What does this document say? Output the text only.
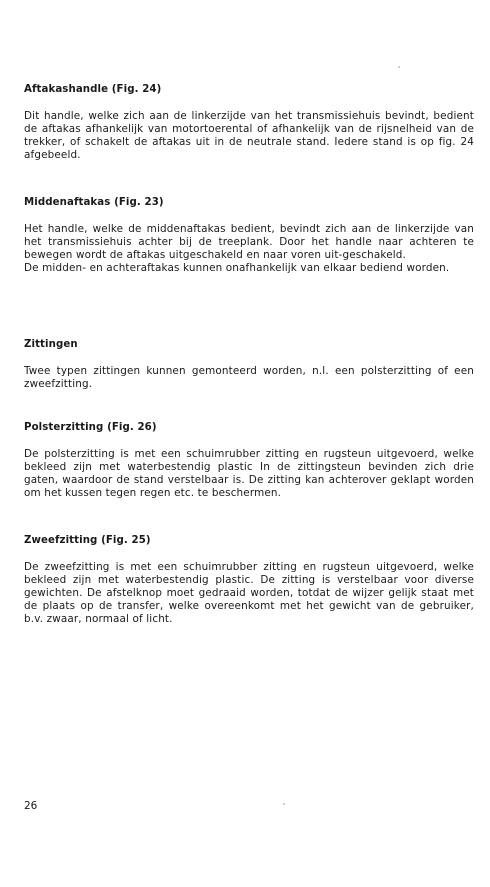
Aftakashandle (Fig. 24)

Dit handle, welke zich aan de linkerzijde van het transmissiehuis bevindt, bedient de aftakas afhankelijk van motortoerental of afhankelijk van de rijsnelheid van de trekker, of schakelt de aftakas uit in de neutrale stand. Iedere stand is op fig. 24 afgebeeld.

Middenaftakas (Fig. 23)

Het handle, welke de middenaftakas bedient, bevindt zich aan de linkerzijde van het transmissiehuis achter bij de treeplank. Door het handle naar achteren te bewegen wordt de aftakas uitgeschakeld en naar voren uit-geschakeld.

De midden- en achteraftakas kunnen onafhankelijk van elkaar bediend worden.

Zittingen

Twee typen zittingen kunnen gemonteerd worden, n.l. een polsterzitting of een zweefzitting.

Polsterzitting (Fig. 26)

De polsterzitting is met een schuimrubber zitting en rugsteun uitgevoerd, welke bekleed zijn met waterbestendig plastic In de zittingsteun bevinden zich drie gaten, waardoor de stand verstelbaar is. De zitting kan achterover geklapt worden om het kussen tegen regen etc. te beschermen.

Zweefzitting (Fig. 25)

De zweefzitting is met een schuimrubber zitting en rugsteun uitgevoerd, welke bekleed zijn met waterbestendig plastic. De zitting is verstelbaar voor diverse gewichten. De afstelknop moet gedraaid worden, totdat de wijzer gelijk staat met de plaats op de transfer, welke overeenkomt met het gewicht van de gebruiker, b.v. zwaar, normaal of licht.

26
